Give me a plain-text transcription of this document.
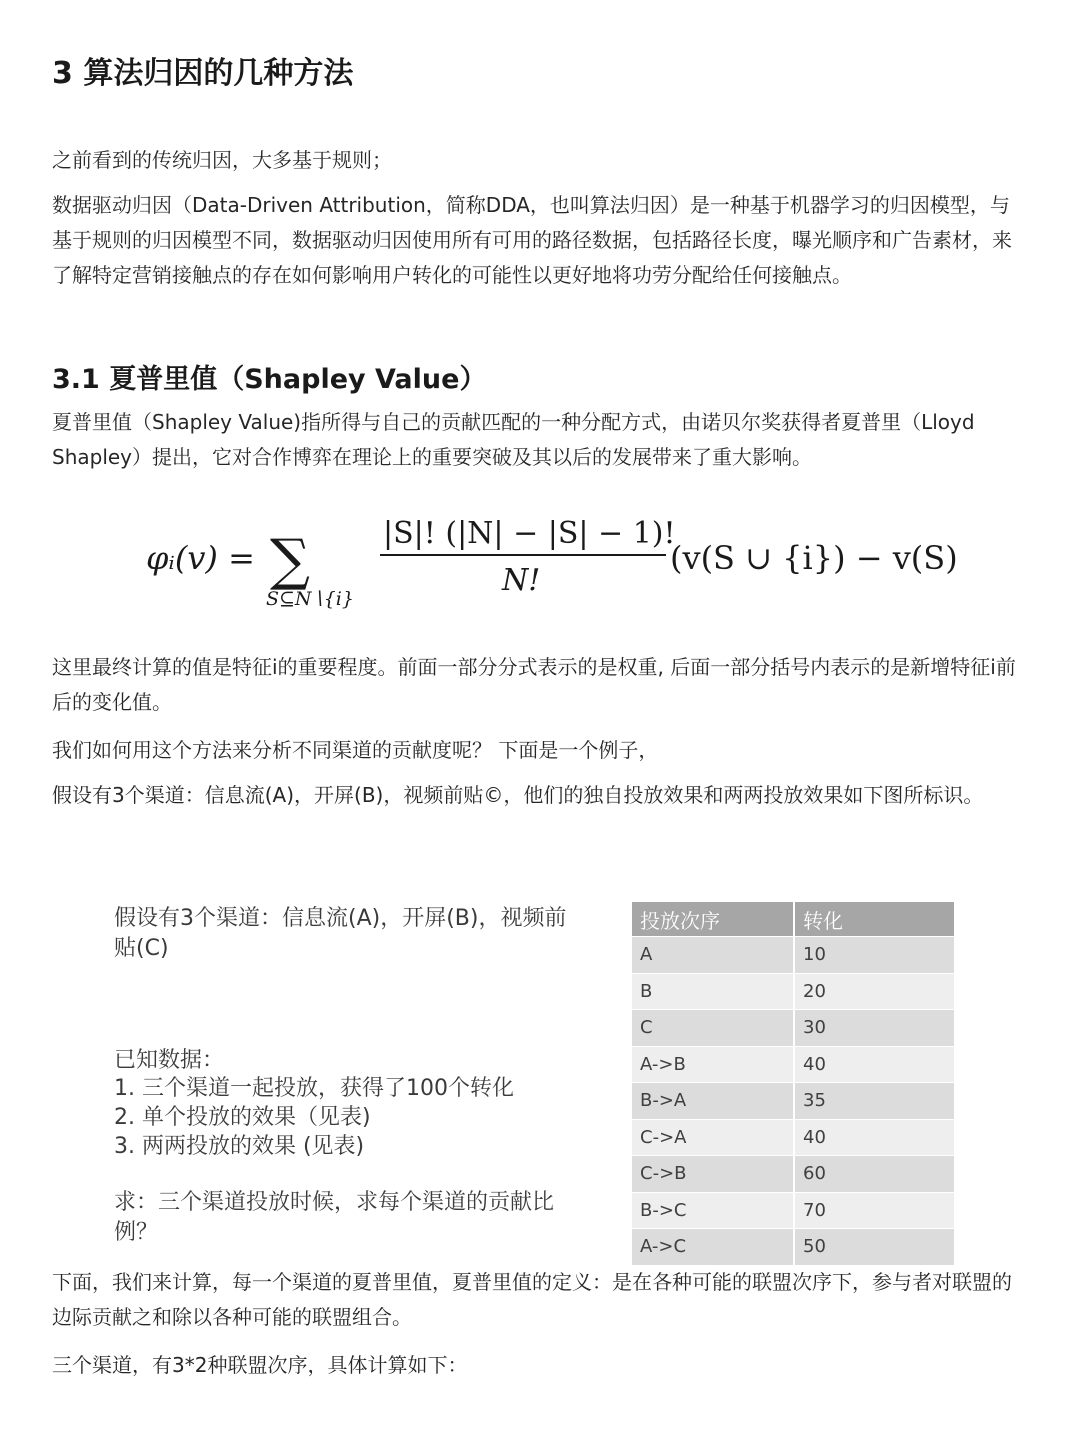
3 算法归因的几种方法

之前看到的传统归因，大多基于规则；

数据驱动归因（Data-Driven Attribution，简称DDA，也叫算法归因）是一种基于机器学习的归因模型，与基于规则的归因模型不同，数据驱动归因使用所有可用的路径数据，包括路径长度，曝光顺序和广告素材，来了解特定营销接触点的存在如何影响用户转化的可能性以更好地将功劳分配给任何接触点。

3.1 夏普里值（Shapley Value）

夏普里值（Shapley Value)指所得与自己的贡献匹配的一种分配方式，由诺贝尔奖获得者夏普里（Lloyd Shapley）提出，它对合作博弈在理论上的重要突破及其以后的发展带来了重大影响。

φᵢ(v) = ∑
S⊆N∖{i}
|S|! (|N| − |S| − 1)!
N!
(v(S ∪ {i}) − v(S))

这里最终计算的值是特征i的重要程度。前面一部分分式表示的是权重, 后面一部分括号内表示的是新增特征i前后的变化值。

我们如何用这个方法来分析不同渠道的贡献度呢？ 下面是一个例子，

假设有3个渠道：信息流(A)，开屏(B)，视频前贴©，他们的独自投放效果和两两投放效果如下图所标识。

假设有3个渠道：信息流(A)，开屏(B)，视频前贴(C)

已知数据：

1. 三个渠道一起投放，获得了100个转化

2. 单个投放的效果（见表)

3. 两两投放的效果 (见表)

求：三个渠道投放时候，求每个渠道的贡献比例？

投放次序	转化
A	10
B	20
C	30
A->B	40
B->A	35
C->A	40
C->B	60
B->C	70
A->C	50

下面，我们来计算，每一个渠道的夏普里值，夏普里值的定义：是在各种可能的联盟次序下，参与者对联盟的边际贡献之和除以各种可能的联盟组合。

三个渠道，有3*2种联盟次序，具体计算如下：
